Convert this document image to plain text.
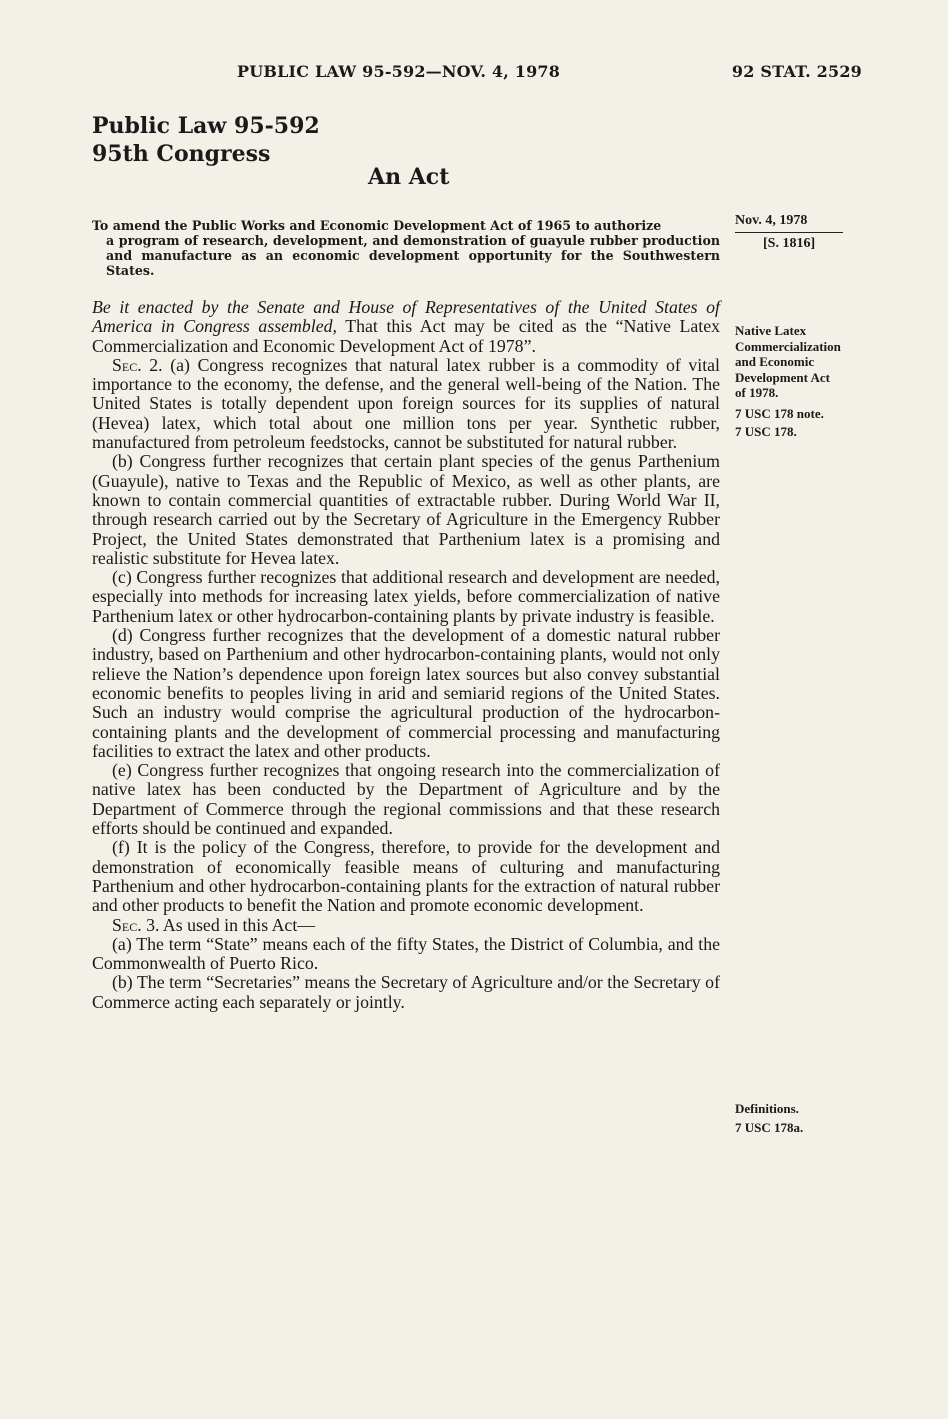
PUBLIC LAW 95-592—NOV. 4, 1978	92 STAT. 2529
Public Law 95-592
95th Congress
An Act
Nov. 4, 1978
[S. 1816]
To amend the Public Works and Economic Development Act of 1965 to authorize
a program of research, development, and demonstration of guayule rubber production and manufacture as an economic development opportunity for the Southwestern States.
Native Latex
Commercialization
and Economic
Development Act
of 1978.
7 USC 178 note.
7 USC 178.
Definitions.
7 USC 178a.

Be it enacted by the Senate and House of Representatives of the United States of America in Congress assembled, That this Act may be cited as the “Native Latex Commercialization and Economic Development Act of 1978”.

Sec. 2. (a) Congress recognizes that natural latex rubber is a commodity of vital importance to the economy, the defense, and the general well-being of the Nation. The United States is totally dependent upon foreign sources for its supplies of natural (Hevea) latex, which total about one million tons per year. Synthetic rubber, manufactured from petroleum feedstocks, cannot be substituted for natural rubber.

(b) Congress further recognizes that certain plant species of the genus Parthenium (Guayule), native to Texas and the Republic of Mexico, as well as other plants, are known to contain commercial quantities of extractable rubber. During World War II, through research carried out by the Secretary of Agriculture in the Emergency Rubber Project, the United States demonstrated that Parthenium latex is a promising and realistic substitute for Hevea latex.

(c) Congress further recognizes that additional research and development are needed, especially into methods for increasing latex yields, before commercialization of native Parthenium latex or other hydrocarbon-containing plants by private industry is feasible.

(d) Congress further recognizes that the development of a domestic natural rubber industry, based on Parthenium and other hydrocarbon-containing plants, would not only relieve the Nation’s dependence upon foreign latex sources but also convey substantial economic benefits to peoples living in arid and semiarid regions of the United States. Such an industry would comprise the agricultural production of the hydrocarbon-containing plants and the development of commercial processing and manufacturing facilities to extract the latex and other products.

(e) Congress further recognizes that ongoing research into the commercialization of native latex has been conducted by the Department of Agriculture and by the Department of Commerce through the regional commissions and that these research efforts should be continued and expanded.

(f) It is the policy of the Congress, therefore, to provide for the development and demonstration of economically feasible means of culturing and manufacturing Parthenium and other hydrocarbon-containing plants for the extraction of natural rubber and other products to benefit the Nation and promote economic development.

Sec. 3. As used in this Act—

(a) The term “State” means each of the fifty States, the District of Columbia, and the Commonwealth of Puerto Rico.

(b) The term “Secretaries” means the Secretary of Agriculture and/or the Secretary of Commerce acting each separately or jointly.
